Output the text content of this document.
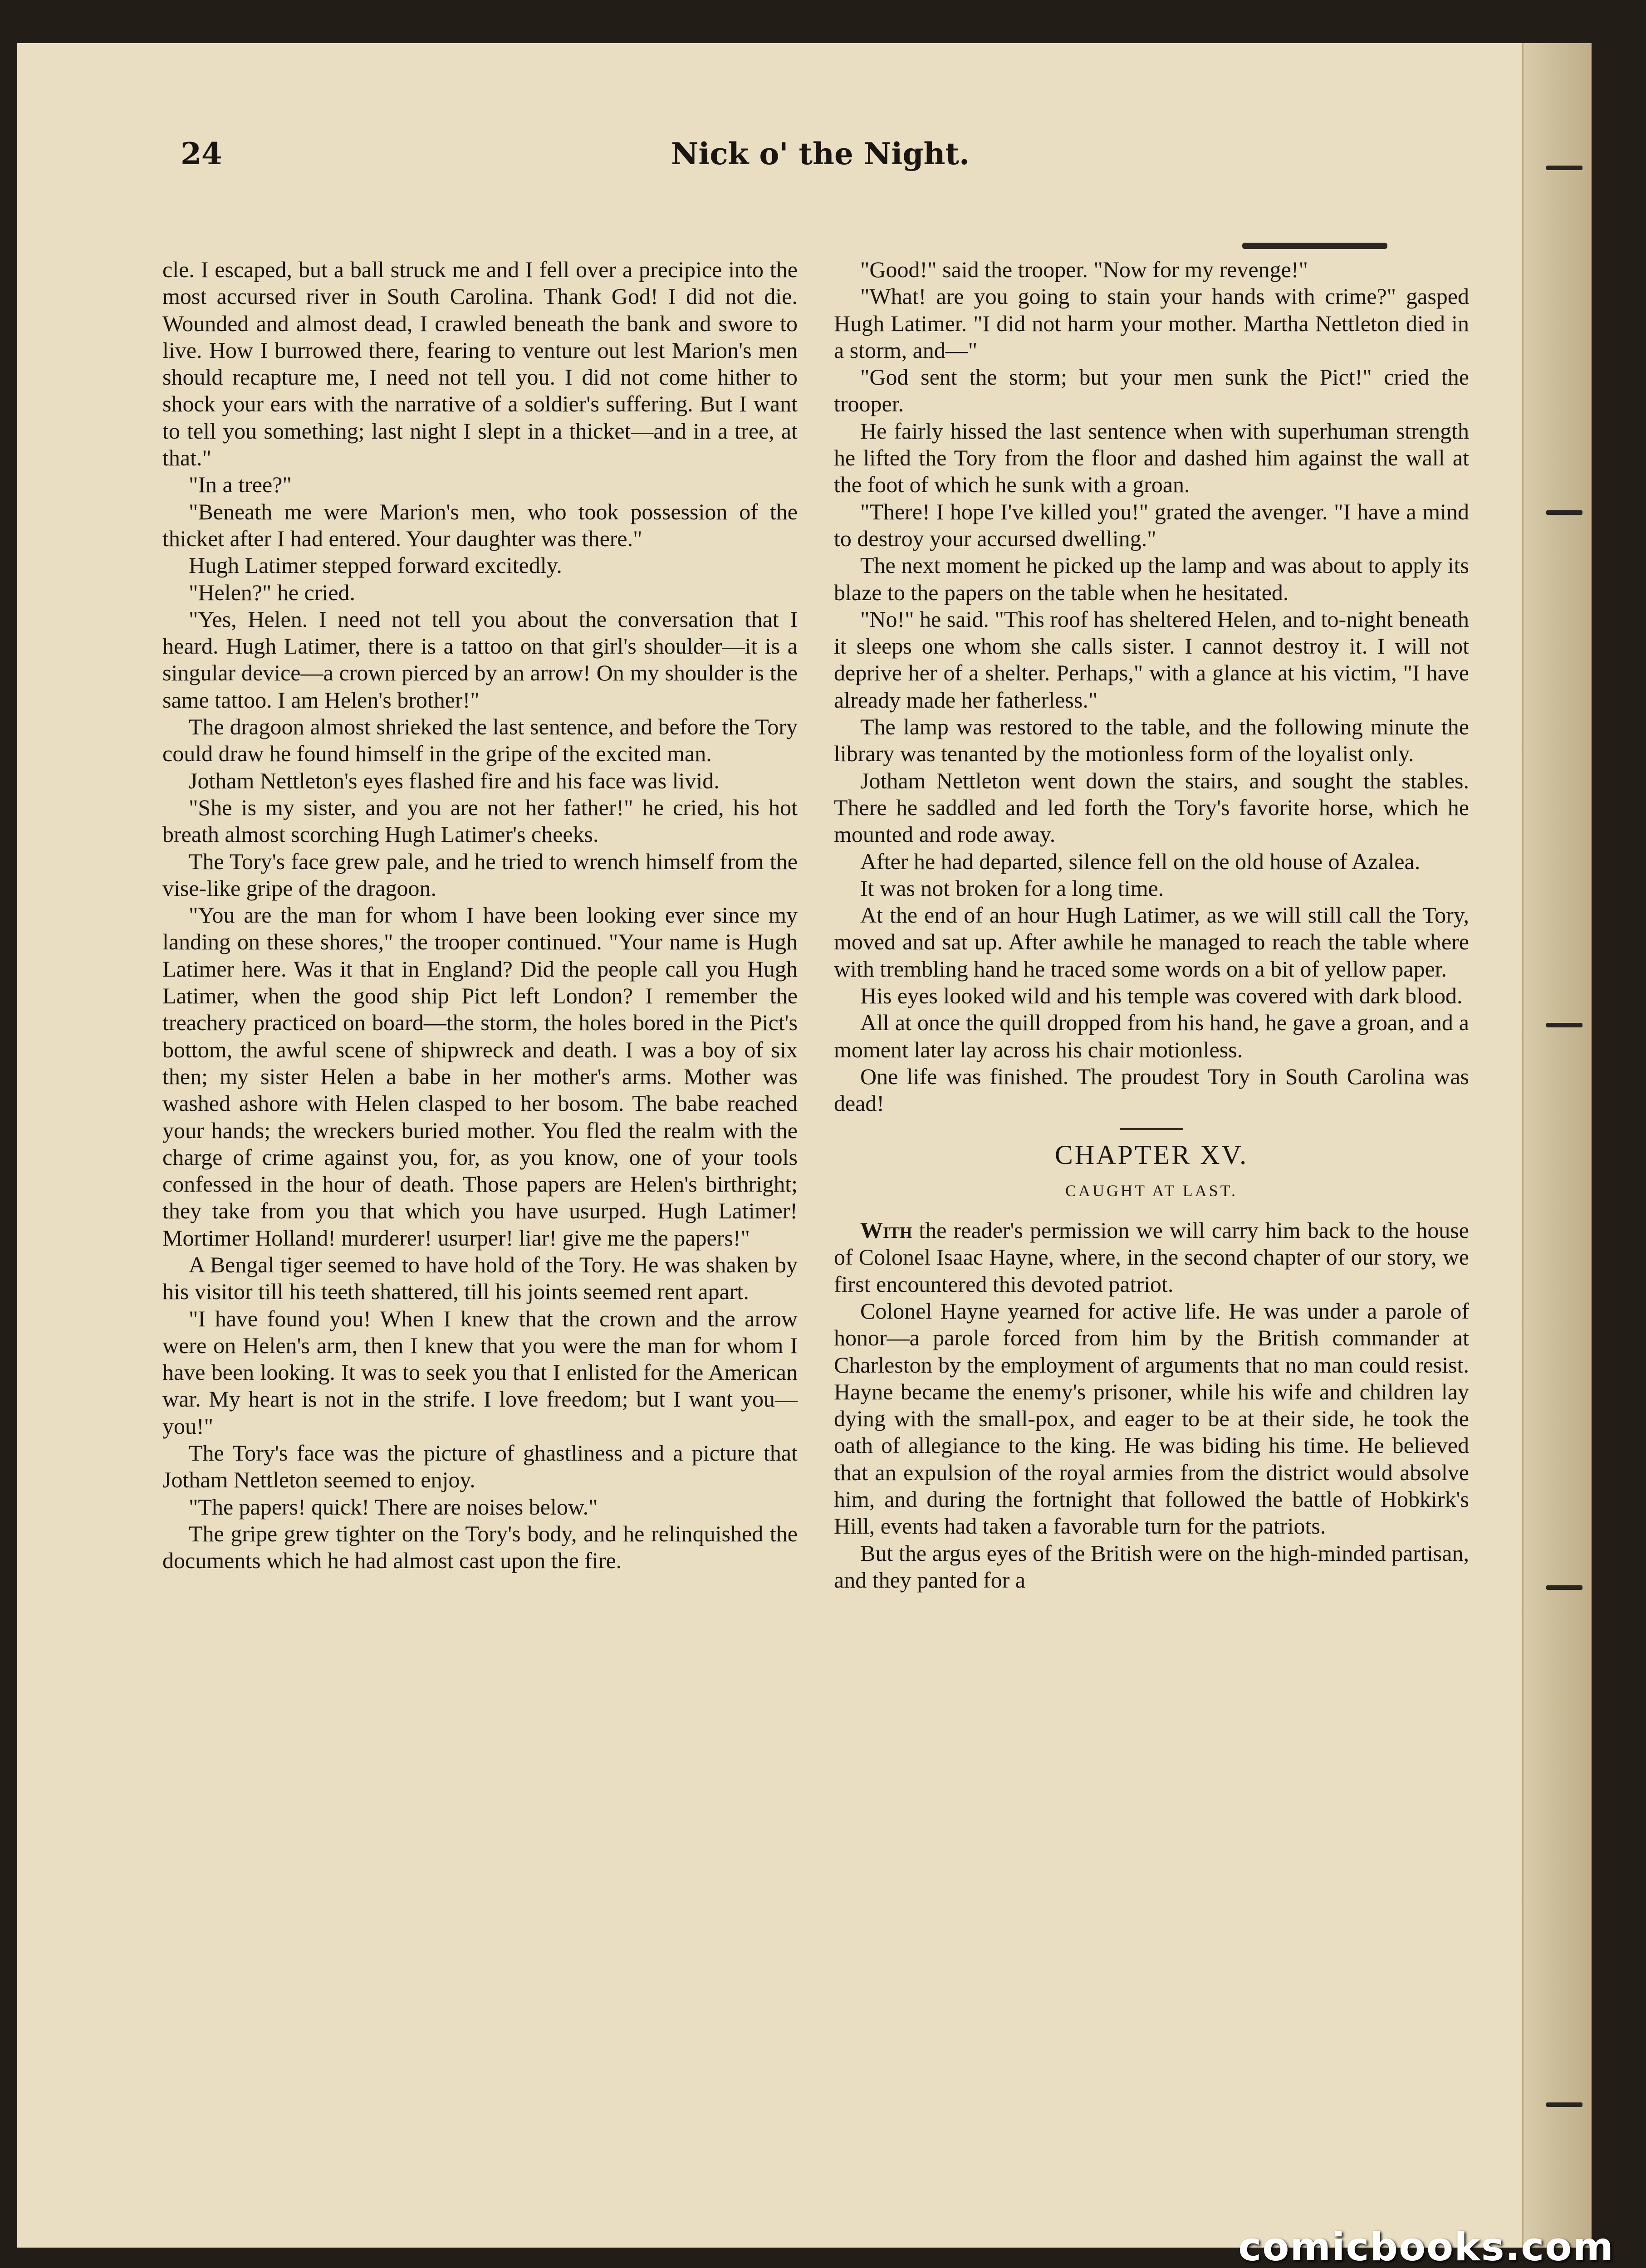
24	Nick o' the Night.

cle. I escaped, but a ball struck me and I fell over a precipice into the most accursed river in South Carolina. Thank God! I did not die. Wounded and almost dead, I crawled beneath the bank and swore to live. How I burrowed there, fearing to venture out lest Marion's men should recapture me, I need not tell you. I did not come hither to shock your ears with the narrative of a soldier's suffering. But I want to tell you something; last night I slept in a thicket—and in a tree, at that."

"In a tree?"

"Beneath me were Marion's men, who took possession of the thicket after I had entered. Your daughter was there."

Hugh Latimer stepped forward excitedly.

"Helen?" he cried.

"Yes, Helen. I need not tell you about the conversation that I heard. Hugh Latimer, there is a tattoo on that girl's shoulder—it is a singular device—a crown pierced by an arrow! On my shoulder is the same tattoo. I am Helen's brother!"

The dragoon almost shrieked the last sentence, and before the Tory could draw he found himself in the gripe of the excited man.

Jotham Nettleton's eyes flashed fire and his face was livid.

"She is my sister, and you are not her father!" he cried, his hot breath almost scorching Hugh Latimer's cheeks.

The Tory's face grew pale, and he tried to wrench himself from the vise-like gripe of the dragoon.

"You are the man for whom I have been looking ever since my landing on these shores," the trooper continued. "Your name is Hugh Latimer here. Was it that in England? Did the people call you Hugh Latimer, when the good ship Pict left London? I remember the treachery practiced on board—the storm, the holes bored in the Pict's bottom, the awful scene of shipwreck and death. I was a boy of six then; my sister Helen a babe in her mother's arms. Mother was washed ashore with Helen clasped to her bosom. The babe reached your hands; the wreckers buried mother. You fled the realm with the charge of crime against you, for, as you know, one of your tools confessed in the hour of death. Those papers are Helen's birthright; they take from you that which you have usurped. Hugh Latimer! Mortimer Holland! murderer! usurper! liar! give me the papers!"

A Bengal tiger seemed to have hold of the Tory. He was shaken by his visitor till his teeth shattered, till his joints seemed rent apart.

"I have found you! When I knew that the crown and the arrow were on Helen's arm, then I knew that you were the man for whom I have been looking. It was to seek you that I enlisted for the American war. My heart is not in the strife. I love freedom; but I want you—you!"

The Tory's face was the picture of ghastliness and a picture that Jotham Nettleton seemed to enjoy.

"The papers! quick! There are noises below."

The gripe grew tighter on the Tory's body, and he relinquished the documents which he had almost cast upon the fire.

"Good!" said the trooper. "Now for my revenge!"

"What! are you going to stain your hands with crime?" gasped Hugh Latimer. "I did not harm your mother. Martha Nettleton died in a storm, and—"

"God sent the storm; but your men sunk the Pict!" cried the trooper.

He fairly hissed the last sentence when with superhuman strength he lifted the Tory from the floor and dashed him against the wall at the foot of which he sunk with a groan.

"There! I hope I've killed you!" grated the avenger. "I have a mind to destroy your accursed dwelling."

The next moment he picked up the lamp and was about to apply its blaze to the papers on the table when he hesitated.

"No!" he said. "This roof has sheltered Helen, and to-night beneath it sleeps one whom she calls sister. I cannot destroy it. I will not deprive her of a shelter. Perhaps," with a glance at his victim, "I have already made her fatherless."

The lamp was restored to the table, and the following minute the library was tenanted by the motionless form of the loyalist only.

Jotham Nettleton went down the stairs, and sought the stables. There he saddled and led forth the Tory's favorite horse, which he mounted and rode away.

After he had departed, silence fell on the old house of Azalea.

It was not broken for a long time.

At the end of an hour Hugh Latimer, as we will still call the Tory, moved and sat up. After awhile he managed to reach the table where with trembling hand he traced some words on a bit of yellow paper.

His eyes looked wild and his temple was covered with dark blood.

All at once the quill dropped from his hand, he gave a groan, and a moment later lay across his chair motionless.

One life was finished. The proudest Tory in South Carolina was dead!

CHAPTER XV.
CAUGHT AT LAST.

With the reader's permission we will carry him back to the house of Colonel Isaac Hayne, where, in the second chapter of our story, we first encountered this devoted patriot.

Colonel Hayne yearned for active life. He was under a parole of honor—a parole forced from him by the British commander at Charleston by the employment of arguments that no man could resist. Hayne became the enemy's prisoner, while his wife and children lay dying with the small-pox, and eager to be at their side, he took the oath of allegiance to the king. He was biding his time. He believed that an expulsion of the royal armies from the district would absolve him, and during the fortnight that followed the battle of Hobkirk's Hill, events had taken a favorable turn for the patriots.

But the argus eyes of the British were on the high-minded partisan, and they panted for a

comicbooks.com
